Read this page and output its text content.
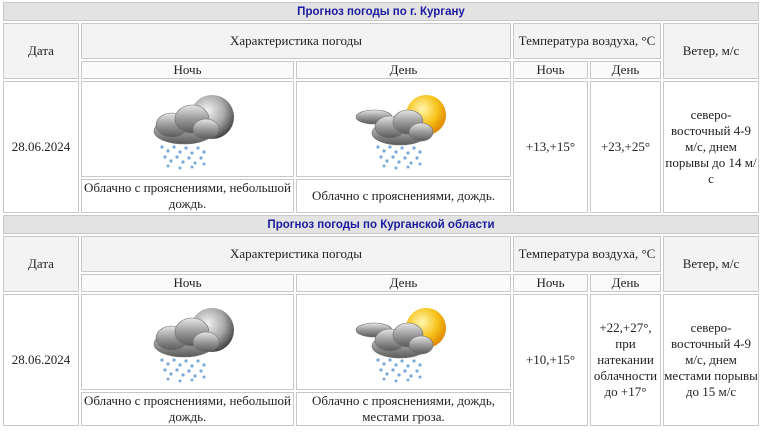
Прогноз погоды по г. Кургану					
Дата	Характеристика погоды		Температура воздуха, °C		Ветер, м/с
	Ночь	День	Ночь	День	
28.06.2024			+13,+15°	+23,+25°	северо-восточный 4-9 м/с, днем порывы до 14 м/с
	Облачно с прояснениями, небольшой дождь.	Облачно с прояснениями, дождь.			
Прогноз погоды по Курганской области					
Дата	Характеристика погоды		Температура воздуха, °C		Ветер, м/с
	Ночь	День	Ночь	День	
28.06.2024			+10,+15°	+22,+27°, при натекании облачности до +17°	северо-восточный 4-9 м/с, днем местами порывы до 15 м/с
	Облачно с прояснениями, небольшой дождь.	Облачно с прояснениями, дождь, местами гроза.			
